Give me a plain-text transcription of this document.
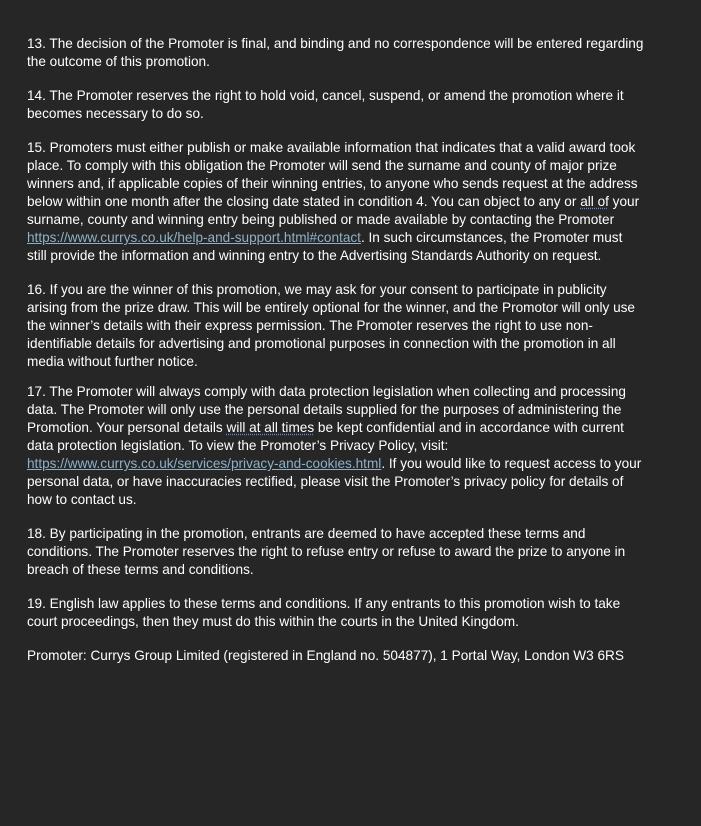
13. The decision of the Promoter is final, and binding and no correspondence will be entered regarding the outcome of this promotion.

14. The Promoter reserves the right to hold void, cancel, suspend, or amend the promotion where it becomes necessary to do so.

15. Promoters must either publish or make available information that indicates that a valid award took place. To comply with this obligation the Promoter will send the surname and county of major prize winners and, if applicable copies of their winning entries, to anyone who sends request at the address below within one month after the closing date stated in condition 4. You can object to any or all of your surname, county and winning entry being published or made available by contacting the Promoter https://www.currys.co.uk/help-and-support.html#contact. In such circumstances, the Promoter must still provide the information and winning entry to the Advertising Standards Authority on request.

16. If you are the winner of this promotion, we may ask for your consent to participate in publicity arising from the prize draw. This will be entirely optional for the winner, and the Promotor will only use the winner’s details with their express permission. The Promoter reserves the right to use non-identifiable details for advertising and promotional purposes in connection with the promotion in all media without further notice.

17. The Promoter will always comply with data protection legislation when collecting and processing data. The Promoter will only use the personal details supplied for the purposes of administering the Promotion. Your personal details will at all times be kept confidential and in accordance with current data protection legislation. To view the Promoter’s Privacy Policy, visit: https://www.currys.co.uk/services/privacy-and-cookies.html. If you would like to request access to your personal data, or have inaccuracies rectified, please visit the Promoter’s privacy policy for details of how to contact us.

18. By participating in the promotion, entrants are deemed to have accepted these terms and conditions. The Promoter reserves the right to refuse entry or refuse to award the prize to anyone in breach of these terms and conditions.

19. English law applies to these terms and conditions. If any entrants to this promotion wish to take court proceedings, then they must do this within the courts in the United Kingdom.

Promoter: Currys Group Limited (registered in England no. 504877), 1 Portal Way, London W3 6RS
